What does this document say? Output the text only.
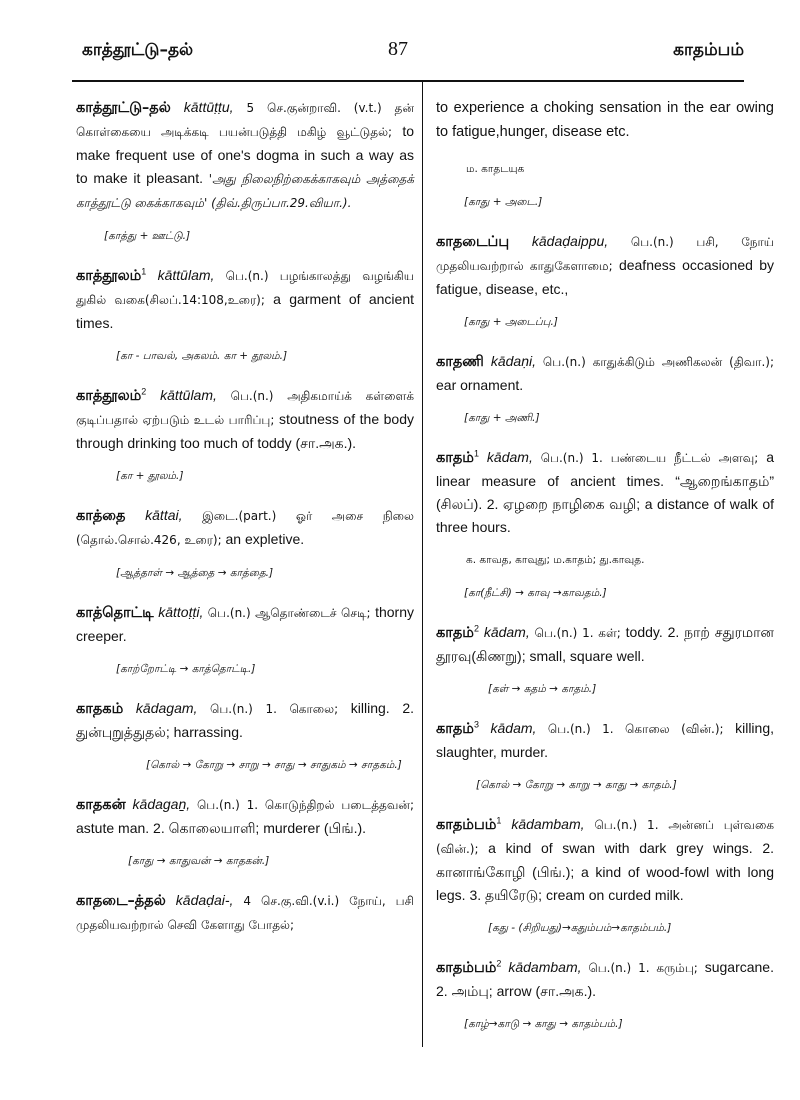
காத்தூட்டு–தல்	87	காதம்பம்
காத்தூட்டு–தல் kāttūṭṭu, 5 செ.குன்றாவி. (v.t.) தன் கொள்கையை அடிக்கடி பயன்படுத்தி மகிழ் வூட்டுதல்; to make frequent use of one's dogma in such a way as to make it pleasant. 'அது நிலைநிற்கைக்காகவும் அத்தைக் காத்தூட்டு கைக்காகவும்' (திவ்.திருப்பா.29.வியா.).
[காத்து + ஊட்டு.]
காத்தூலம்$^1$ kāttūlam, பெ.(n.) பழங்காலத்து வழங்கிய துகில் வகை(சிலப்.14:108,உரை); a garment of ancient times.
[கா - பாவல், அகலம். கா + தூலம்.]
காத்தூலம்$^2$ kāttūlam, பெ.(n.) அதிகமாய்க் கள்ளைக் குடிப்பதால் ஏற்படும் உடல் பாரிப்பு; stoutness of the body through drinking too much of toddy (சா.அக.).
[கா + தூலம்.]
காத்தை kāttai, இடை.(part.) ஓர் அசை நிலை (தொல்.சொல்.426, உரை); an expletive.
[ஆத்தாள் → ஆத்தை → காத்தை.]
காத்தொட்டி kāttoṭṭi, பெ.(n.) ஆதொண்டைச் செடி; thorny creeper.
[காற்றோட்டி → காத்தொட்டி.]
காதகம் kādagam, பெ.(n.) 1. கொலை; killing. 2. துன்புறுத்துதல்; harrassing.
[கொல் → கோறு → சாறு → சாது → சாதுகம் → சாதகம்.]
காதகன் kādagaṉ, பெ.(n.) 1. கொடுந்திறல் படைத்தவன்; astute man. 2. கொலையாளி; murderer (பிங்.).
[காது → காதுவன் → காதகன்.]
காதடை–த்தல் kādaḍai-, 4 செ.கு.வி.(v.i.) நோய், பசி முதலியவற்றால் செவி கேளாது போதல்;
to experience a choking sensation in the ear owing to fatigue,hunger, disease etc.
ம. காதடயுக
[காது + அடை.]
காதடைப்பு kādaḍaippu, பெ.(n.) பசி, நோய் முதலியவற்றால் காதுகேளாமை; deafness occasioned by fatigue, disease, etc.,
[காது + அடைப்பு.]
காதணி kādaṇi, பெ.(n.) காதுக்கிடும் அணிகலன் (திவா.); ear ornament.
[காது + அணி.]
காதம்$^1$ kādam, பெ.(n.) 1. பண்டைய நீட்டல் அளவு; a linear measure of ancient times. “ஆறைங்காதம்” (சிலப்). 2. ஏழறை நாழிகை வழி; a distance of walk of three hours.
க. காவத, காவுது; ம.காதம்; து.காவுத.
[கா(நீட்சி) → காவு →காவதம்.]
காதம்$^2$ kādam, பெ.(n.) 1. கள்; toddy. 2. நாற் சதுரமான தூரவு(கிணறு); small, square well.
[கள் → கதம் → காதம்.]
காதம்$^3$ kādam, பெ.(n.) 1. கொலை (வின்.); killing, slaughter, murder.
[கொல் → கோறு → காறு → காது → காதம்.]
காதம்பம்$^1$ kādambam, பெ.(n.) 1. அன்னப் புள்வகை (வின்.); a kind of swan with dark grey wings. 2. கானாங்கோழி (பிங்.); a kind of wood-fowl with long legs. 3. தயிரேடு; cream on curded milk.
[கது - (சிறியது)→கதும்பம்→காதம்பம்.]
காதம்பம்$^2$ kādambam, பெ.(n.) 1. கரும்பு; sugarcane. 2. அம்பு; arrow (சா.அக.).
[காழ்→காடு → காது → காதம்பம்.]
